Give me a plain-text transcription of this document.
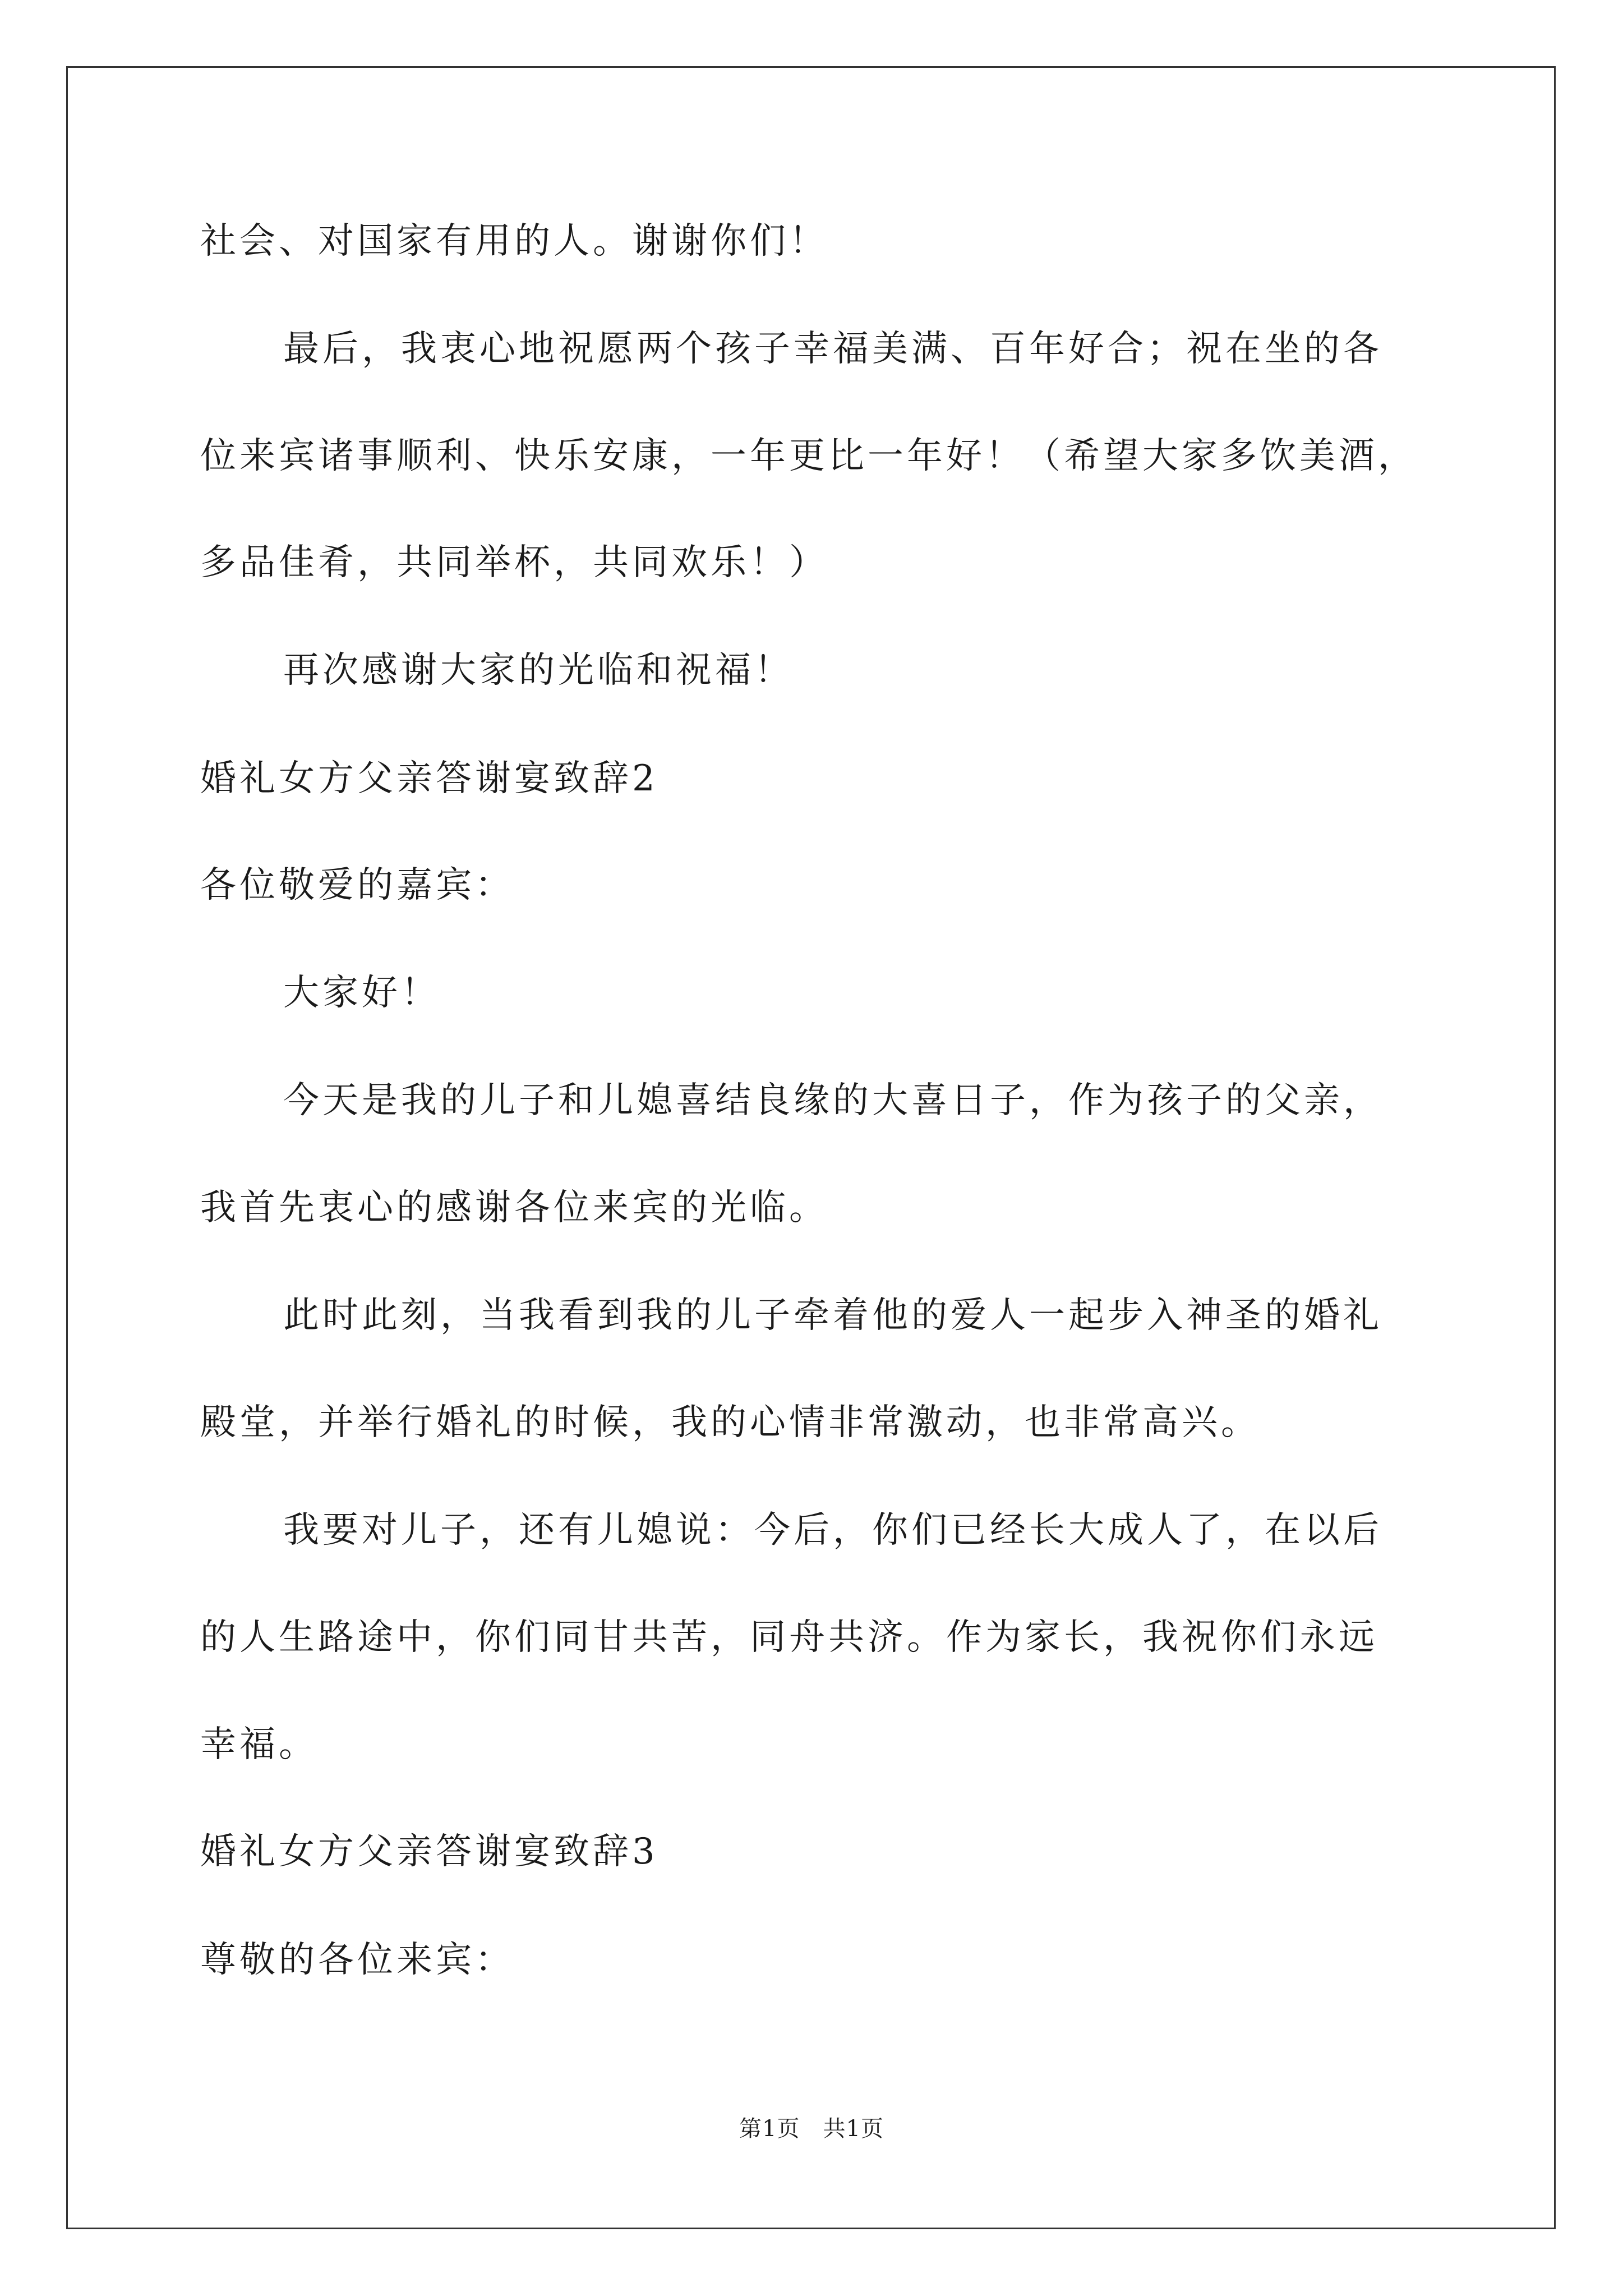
社会、对国家有用的人。谢谢你们！
最后，我衷心地祝愿两个孩子幸福美满、百年好合；祝在坐的各
位来宾诸事顺利、快乐安康，一年更比一年好！（希望大家多饮美酒，
多品佳肴，共同举杯，共同欢乐！）
再次感谢大家的光临和祝福！
婚礼女方父亲答谢宴致辞2
各位敬爱的嘉宾：
大家好！
今天是我的儿子和儿媳喜结良缘的大喜日子，作为孩子的父亲，
我首先衷心的感谢各位来宾的光临。
此时此刻，当我看到我的儿子牵着他的爱人一起步入神圣的婚礼
殿堂，并举行婚礼的时候，我的心情非常激动，也非常高兴。
我要对儿子，还有儿媳说：今后，你们已经长大成人了，在以后
的人生路途中，你们同甘共苦，同舟共济。作为家长，我祝你们永远
幸福。
婚礼女方父亲答谢宴致辞3
尊敬的各位来宾：
第1页　共1页
